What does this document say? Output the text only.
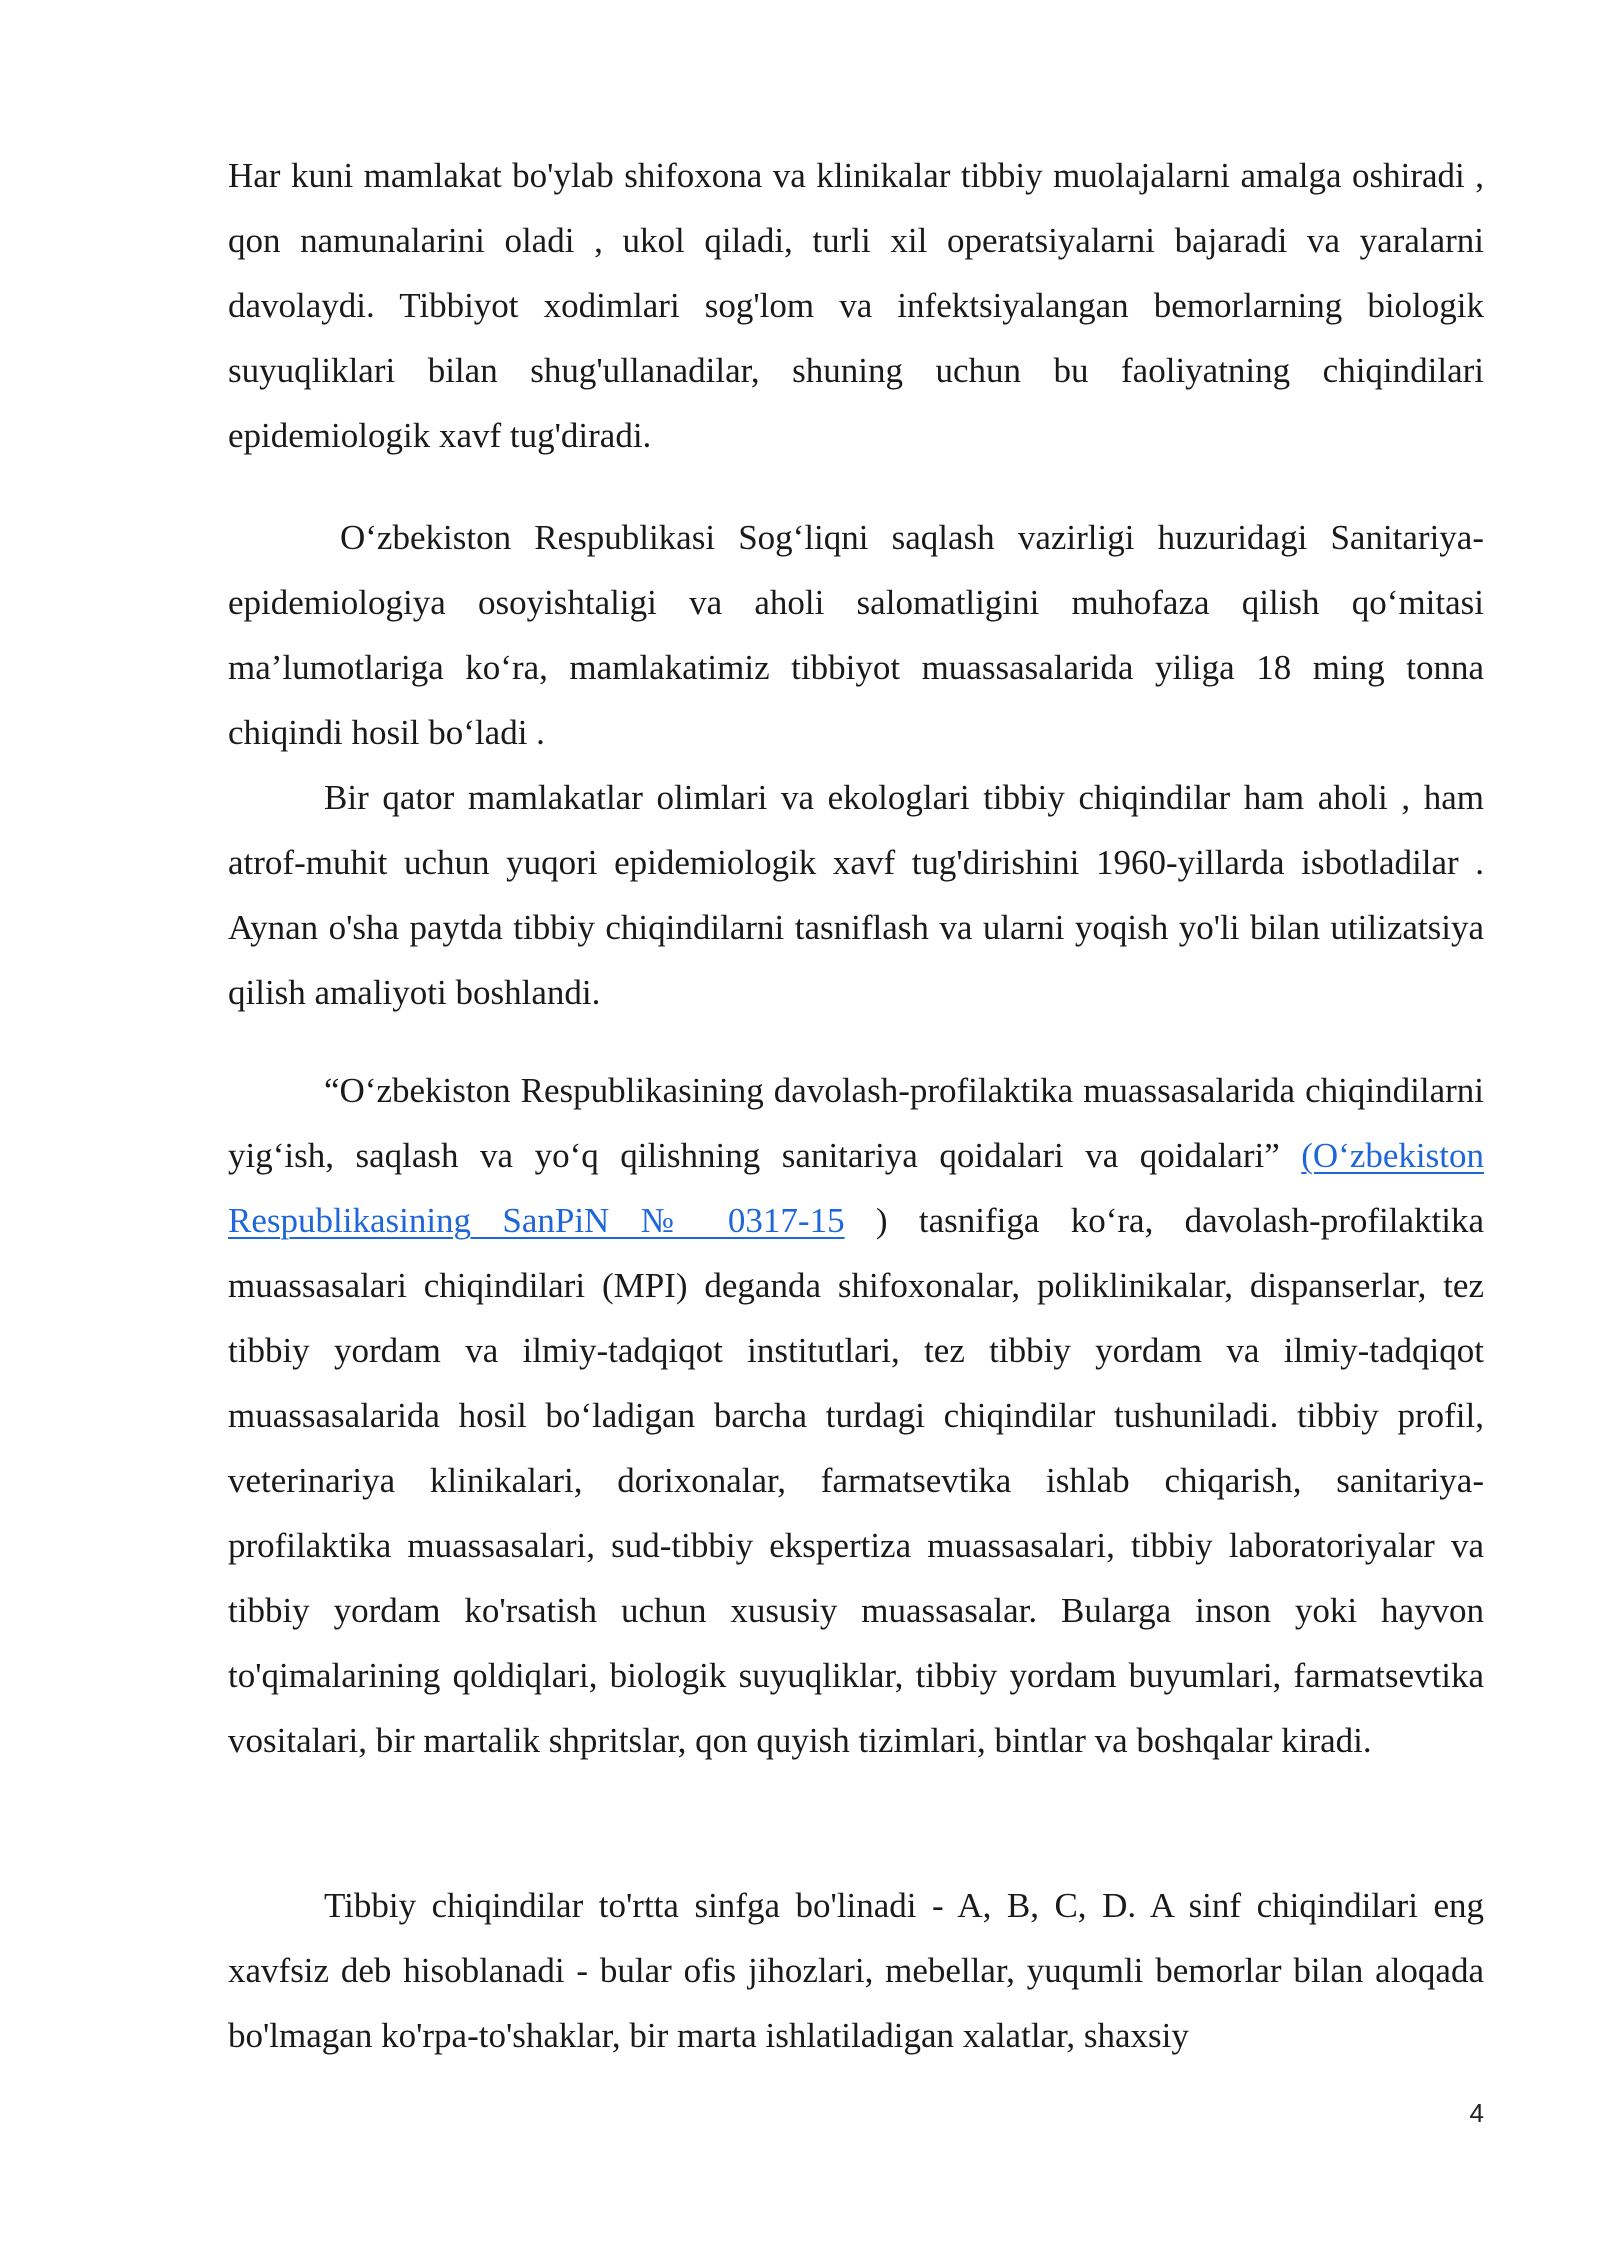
Har kuni mamlakat bo'ylab shifoxona va klinikalar tibbiy muolajalarni amalga oshiradi , qon namunalarini oladi , ukol qiladi, turli xil operatsiyalarni bajaradi va yaralarni davolaydi. Tibbiyot xodimlari sog'lom va infektsiyalangan bemorlarning biologik suyuqliklari bilan shug'ullanadilar, shuning uchun bu faoliyatning chiqindilari epidemiologik xavf tug'diradi.

O‘zbekiston Respublikasi Sog‘liqni saqlash vazirligi huzuridagi Sanitariya-epidemiologiya osoyishtaligi va aholi salomatligini muhofaza qilish qo‘mitasi ma’lumotlariga ko‘ra, mamlakatimiz tibbiyot muassasalarida yiliga 18 ming tonna chiqindi hosil bo‘ladi .

Bir qator mamlakatlar olimlari va ekologlari tibbiy chiqindilar ham aholi , ham atrof-muhit uchun yuqori epidemiologik xavf tug'dirishini 1960-yillarda isbotladilar . Aynan o'sha paytda tibbiy chiqindilarni tasniflash va ularni yoqish yo'li bilan utilizatsiya qilish amaliyoti boshlandi.

“O‘zbekiston Respublikasining davolash-profilaktika muassasalarida chiqindilarni yig‘ish, saqlash va yo‘q qilishning sanitariya qoidalari va qoidalari” (O‘zbekiston Respublikasining SanPiN № 0317-15 ) tasnifiga ko‘ra, davolash-profilaktika muassasalari chiqindilari (MPI) deganda shifoxonalar, poliklinikalar, dispanserlar, tez tibbiy yordam va ilmiy-tadqiqot institutlari, tez tibbiy yordam va ilmiy-tadqiqot muassasalarida hosil bo‘ladigan barcha turdagi chiqindilar tushuniladi. tibbiy profil, veterinariya klinikalari, dorixonalar, farmatsevtika ishlab chiqarish, sanitariya-profilaktika muassasalari, sud-tibbiy ekspertiza muassasalari, tibbiy laboratoriyalar va tibbiy yordam ko'rsatish uchun xususiy muassasalar. Bularga inson yoki hayvon to'qimalarining qoldiqlari, biologik suyuqliklar, tibbiy yordam buyumlari, farmatsevtika vositalari, bir martalik shpritslar, qon quyish tizimlari, bintlar va boshqalar kiradi.

Tibbiy chiqindilar to'rtta sinfga bo'linadi - A, B, C, D. A sinf chiqindilari eng xavfsiz deb hisoblanadi - bular ofis jihozlari, mebellar, yuqumli bemorlar bilan aloqada bo'lmagan ko'rpa-to'shaklar, bir marta ishlatiladigan xalatlar, shaxsiy

4
